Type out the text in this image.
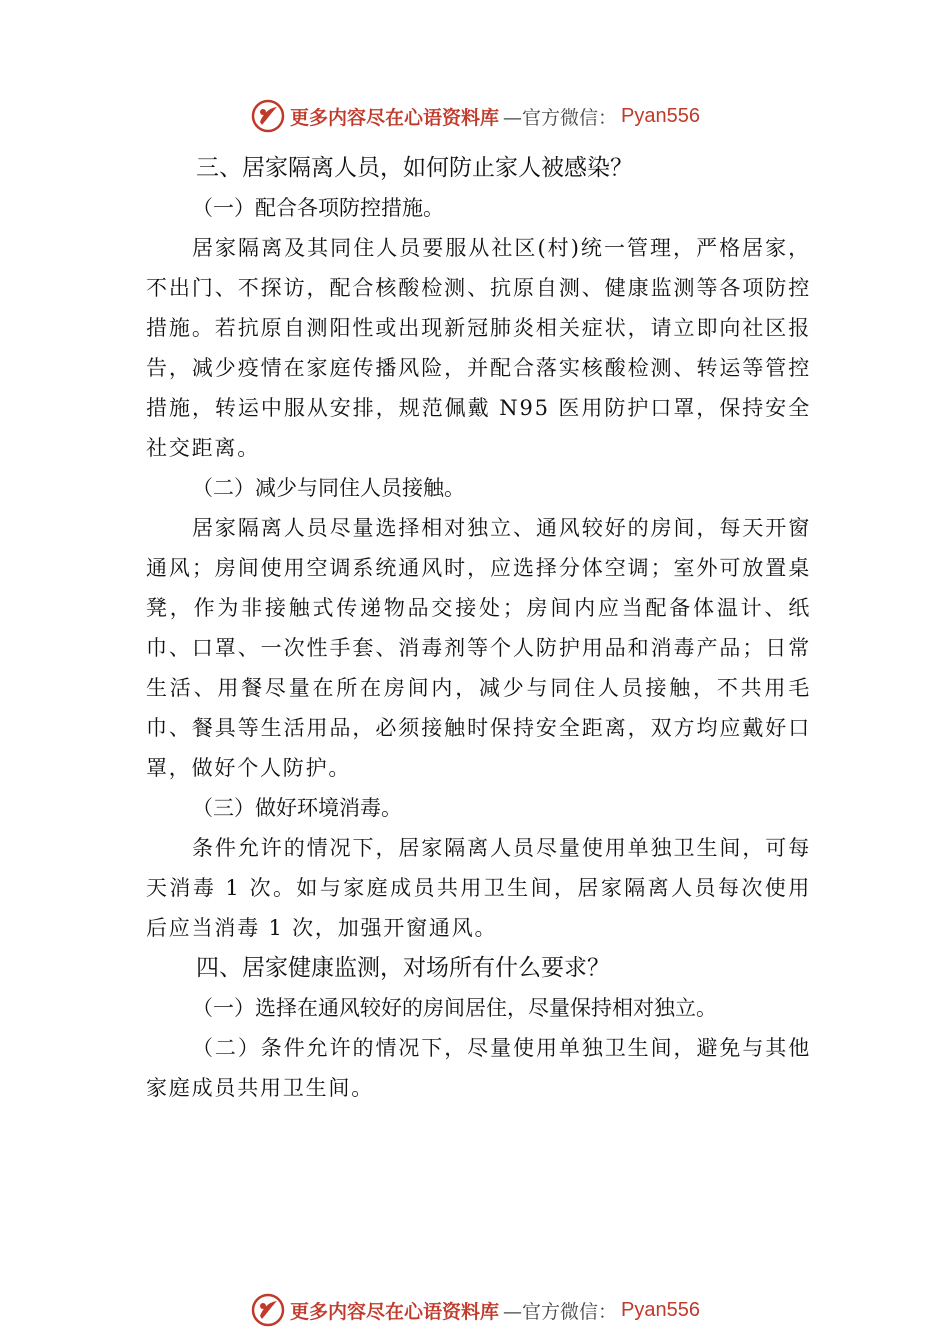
更多内容尽在心语资料库 —官方微信： Pyan556

三、居家隔离人员，如何防止家人被感染？

（一）配合各项防控措施。

居家隔离及其同住人员要服从社区(村)统一管理，严格居家，不出门、不探访，配合核酸检测、抗原自测、健康监测等各项防控措施。若抗原自测阳性或出现新冠肺炎相关症状，请立即向社区报告，减少疫情在家庭传播风险，并配合落实核酸检测、转运等管控措施，转运中服从安排，规范佩戴 N95 医用防护口罩，保持安全社交距离。

（二）减少与同住人员接触。

居家隔离人员尽量选择相对独立、通风较好的房间，每天开窗通风；房间使用空调系统通风时，应选择分体空调；室外可放置桌凳，作为非接触式传递物品交接处；房间内应当配备体温计、纸巾、口罩、一次性手套、消毒剂等个人防护用品和消毒产品；日常生活、用餐尽量在所在房间内，减少与同住人员接触，不共用毛巾、餐具等生活用品，必须接触时保持安全距离，双方均应戴好口罩，做好个人防护。

（三）做好环境消毒。

条件允许的情况下，居家隔离人员尽量使用单独卫生间，可每天消毒 1 次。如与家庭成员共用卫生间，居家隔离人员每次使用后应当消毒 1 次，加强开窗通风。

四、居家健康监测，对场所有什么要求？

（一）选择在通风较好的房间居住，尽量保持相对独立。

（二）条件允许的情况下，尽量使用单独卫生间，避免与其他家庭成员共用卫生间。

更多内容尽在心语资料库 —官方微信： Pyan556
